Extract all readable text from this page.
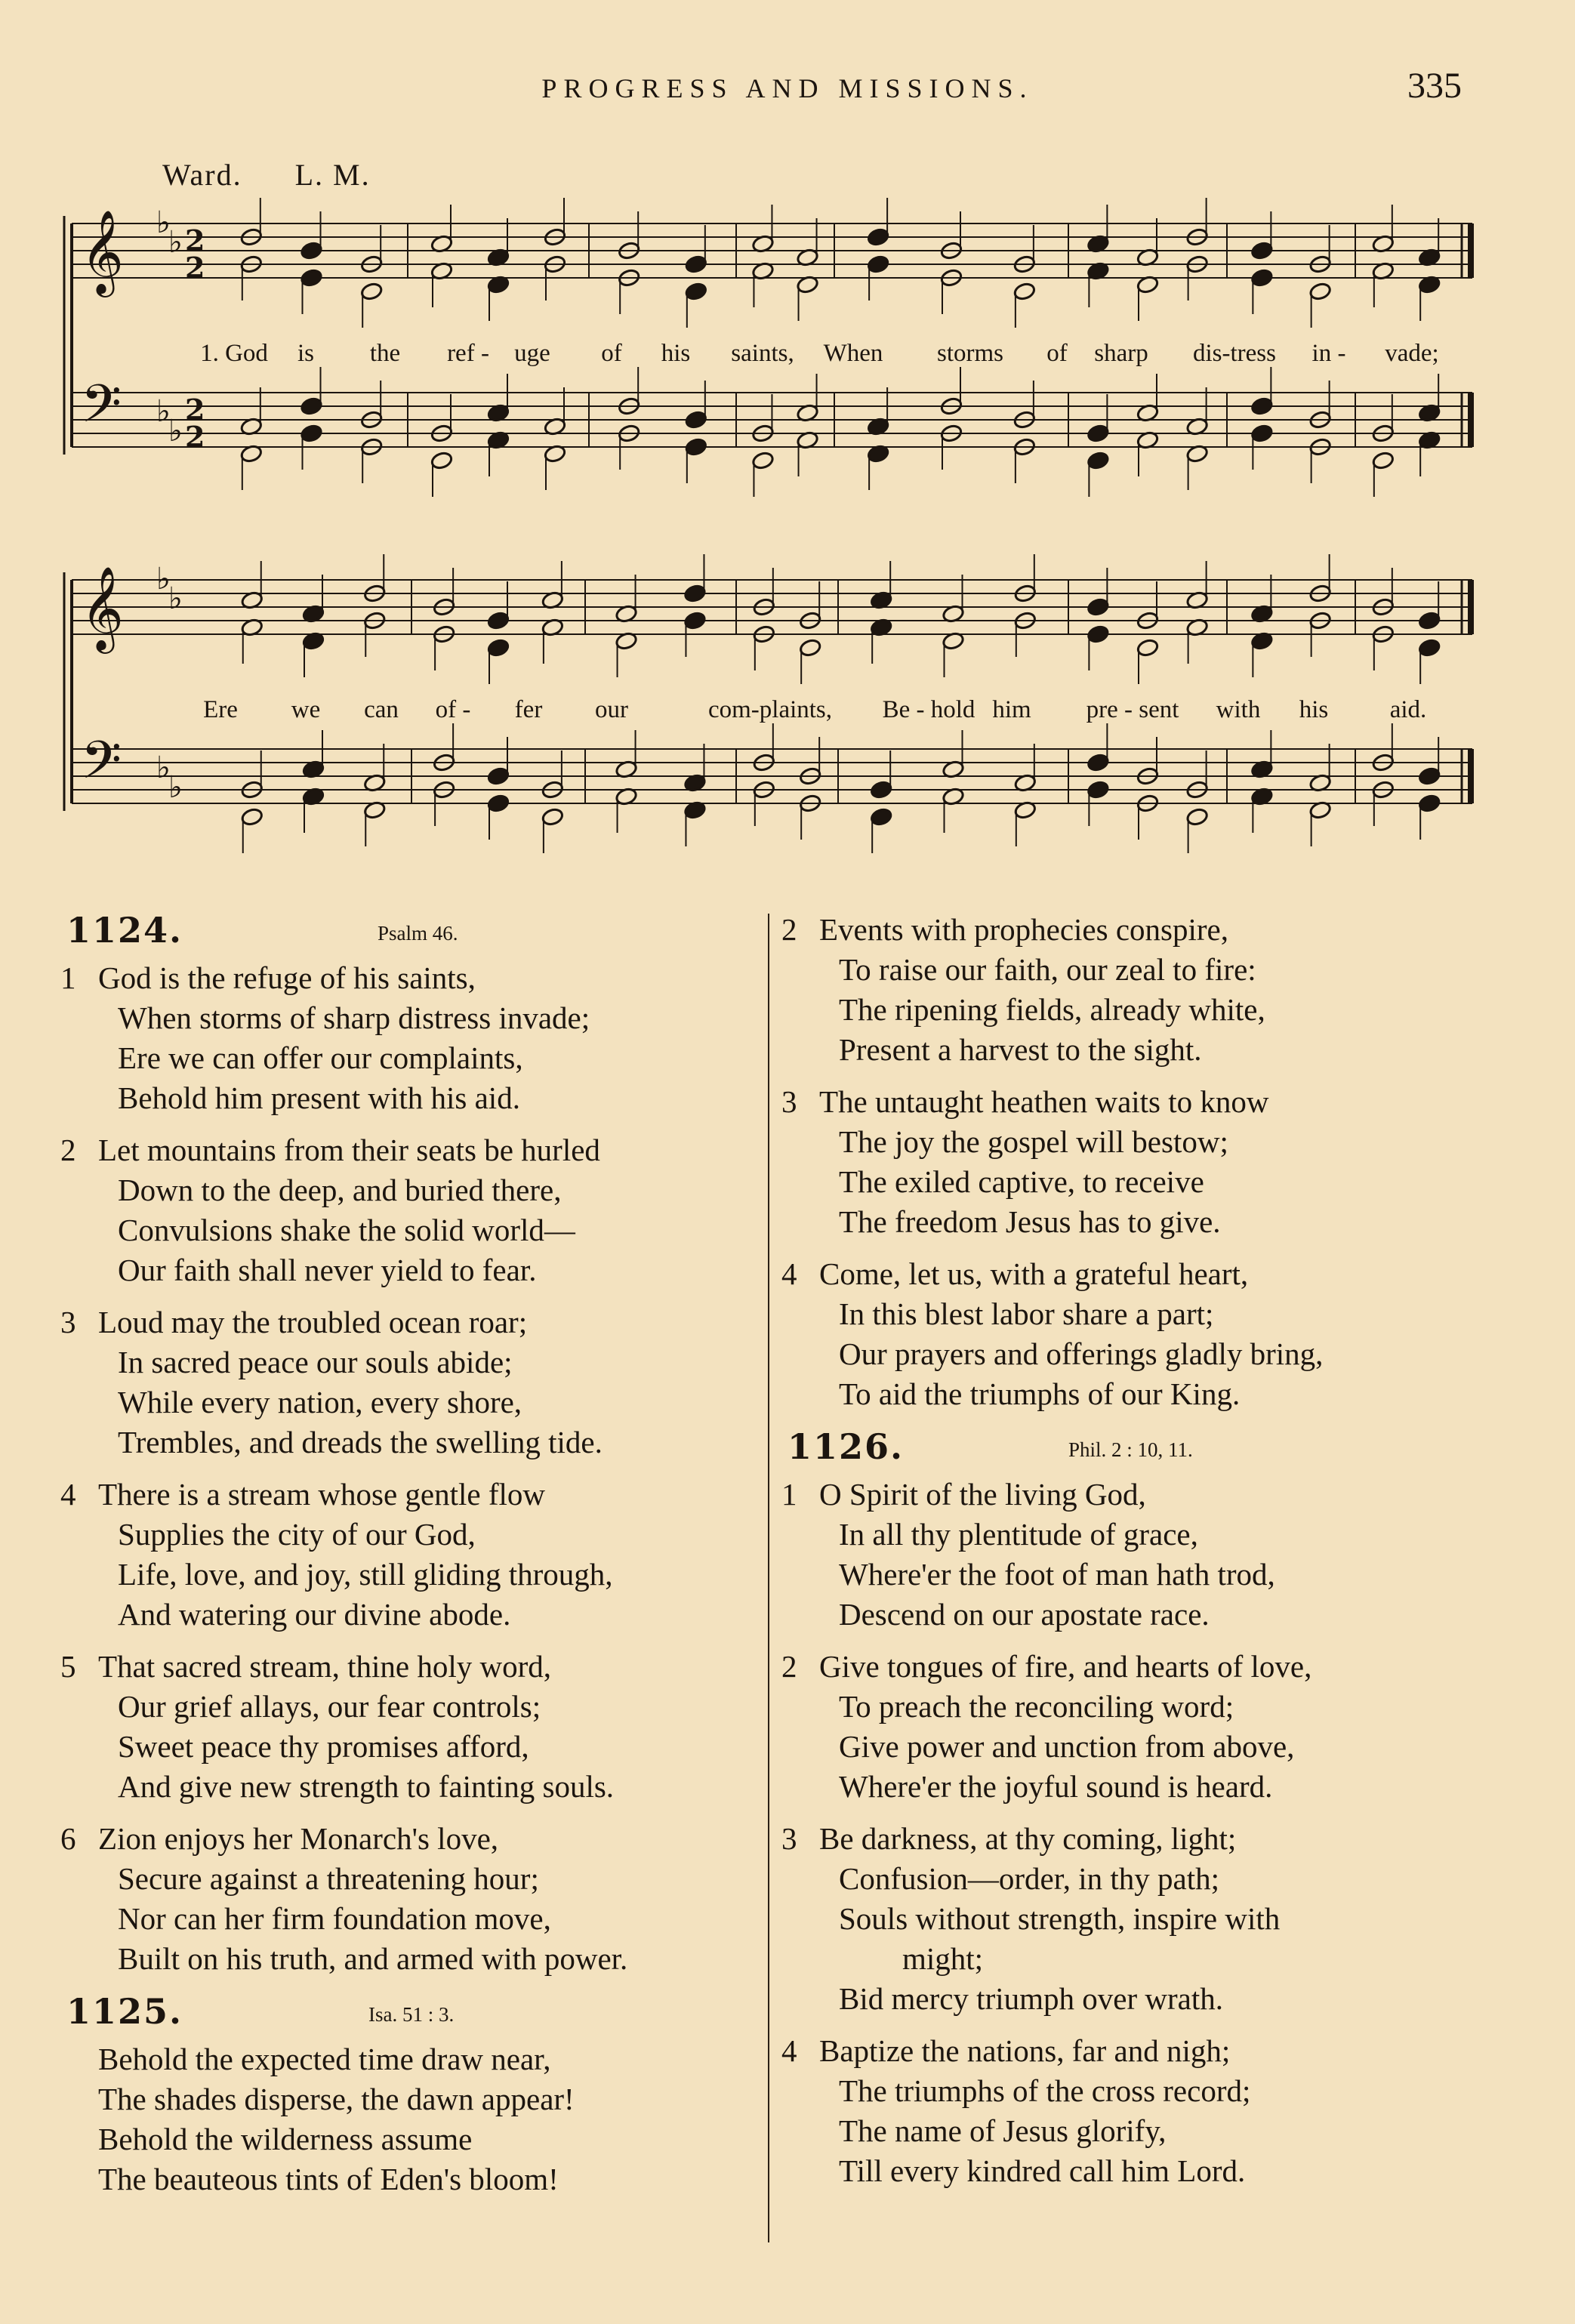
PROGRESS AND MISSIONS.	335
Ward. L. M.
𝄞 ♭
♭
𝄢 ♭
♭
𝄞 ♭
♭
𝄢 ♭
♭
2
2
2
2
1. God is the ref - uge of his saints, When storms of sharp dis-tress in - vade;
Ere we can of - fer our	com-plaints, Be - hold him pre - sent with his aid.
1124.	Psalm 46.
1 God is the refuge of his saints,
When storms of sharp distress invade;
Ere we can offer our complaints,
Behold him present with his aid.
2 Let mountains from their seats be hurled
Down to the deep, and buried there,
Convulsions shake the solid world—
Our faith shall never yield to fear.
3 Loud may the troubled ocean roar;
In sacred peace our souls abide;
While every nation, every shore,
Trembles, and dreads the swelling tide.
4 There is a stream whose gentle flow
Supplies the city of our God,
Life, love, and joy, still gliding through,
And watering our divine abode.
5 That sacred stream, thine holy word,
Our grief allays, our fear controls;
Sweet peace thy promises afford,
And give new strength to fainting souls.
6 Zion enjoys her Monarch's love,
Secure against a threatening hour;
Nor can her firm foundation move,
Built on his truth, and armed with power.
1125.	Isa. 51 : 3.
Behold the expected time draw near,
The shades disperse, the dawn appear!
Behold the wilderness assume
The beauteous tints of Eden's bloom!
2 Events with prophecies conspire,
To raise our faith, our zeal to fire:
The ripening fields, already white,
Present a harvest to the sight.
3 The untaught heathen waits to know
The joy the gospel will bestow;
The exiled captive, to receive
The freedom Jesus has to give.
4 Come, let us, with a grateful heart,
In this blest labor share a part;
Our prayers and offerings gladly bring,
To aid the triumphs of our King.
1126.	Phil. 2 : 10, 11.
1 O Spirit of the living God,
In all thy plentitude of grace,
Where'er the foot of man hath trod,
Descend on our apostate race.
2 Give tongues of fire, and hearts of love,
To preach the reconciling word;
Give power and unction from above,
Where'er the joyful sound is heard.
3 Be darkness, at thy coming, light;
Confusion—order, in thy path;
Souls without strength, inspire with
might;
Bid mercy triumph over wrath.
4 Baptize the nations, far and nigh;
The triumphs of the cross record;
The name of Jesus glorify,
Till every kindred call him Lord.
